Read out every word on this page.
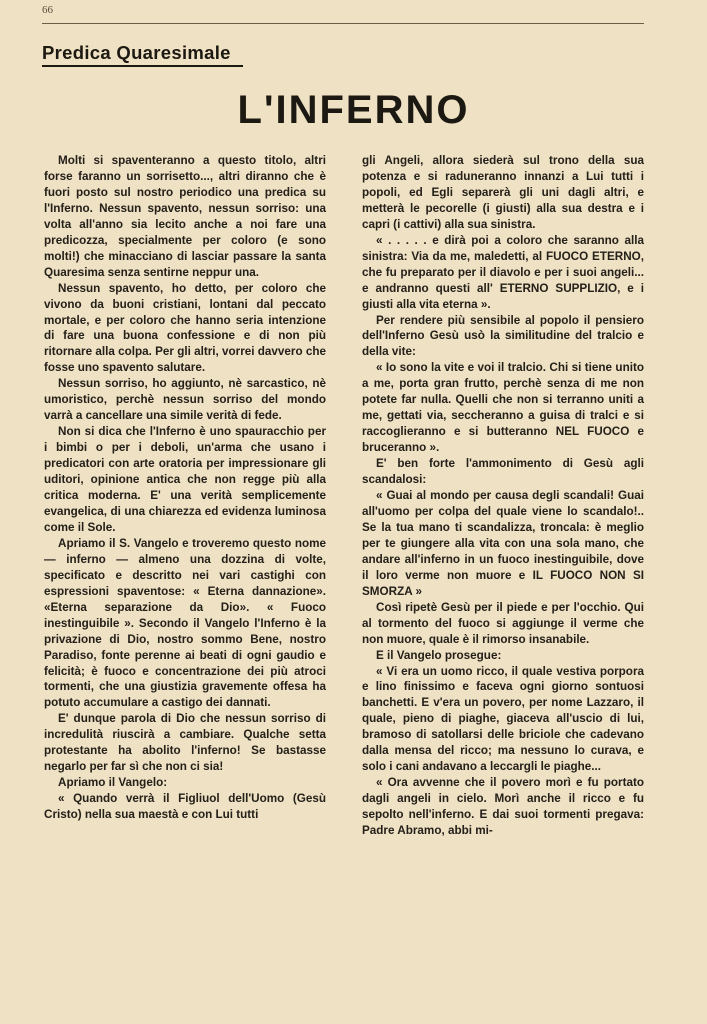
66
Predica Quaresimale
L'INFERNO

Molti si spaventeranno a questo titolo, altri forse faranno un sorrisetto..., altri diranno che è fuori posto sul nostro periodico una predica su l'Inferno. Nessun spavento, nessun sorriso: una volta all'anno sia lecito anche a noi fare una predicozza, specialmente per coloro (e sono molti!) che minacciano di lasciar passare la santa Quaresima senza sentirne neppur una.

Nessun spavento, ho detto, per coloro che vivono da buoni cristiani, lontani dal peccato mortale, e per coloro che hanno seria intenzione di fare una buona confessione e di non più ritornare alla colpa. Per gli altri, vorrei davvero che fosse uno spavento salutare.

Nessun sorriso, ho aggiunto, nè sarcastico, nè umoristico, perchè nessun sorriso del mondo varrà a cancellare una simile verità di fede.

Non si dica che l'Inferno è uno spauracchio per i bimbi o per i deboli, un'arma che usano i predicatori con arte oratoria per impressionare gli uditori, opinione antica che non regge più alla critica moderna. E' una verità semplicemente evangelica, di una chiarezza ed evidenza luminosa come il Sole.

Apriamo il S. Vangelo e troveremo questo nome — inferno — almeno una dozzina di volte, specificato e descritto nei vari castighi con espressioni spaventose: « Eterna dannazione». «Eterna separazione da Dio». « Fuoco inestinguibile ». Secondo il Vangelo l'Inferno è la privazione di Dio, nostro sommo Bene, nostro Paradiso, fonte perenne ai beati di ogni gaudio e felicità; è fuoco e concentrazione dei più atroci tormenti, che una giustizia gravemente offesa ha potuto accumulare a castigo dei dannati.

E' dunque parola di Dio che nessun sorriso di incredulità riuscirà a cambiare. Qualche setta protestante ha abolito l'inferno! Se bastasse negarlo per far sì che non ci sia!

Apriamo il Vangelo:

« Quando verrà il Figliuol dell'Uomo (Gesù Cristo) nella sua maestà e con Lui tutti

gli Angeli, allora siederà sul trono della sua potenza e si raduneranno innanzi a Lui tutti i popoli, ed Egli separerà gli uni dagli altri, e metterà le pecorelle (i giusti) alla sua destra e i capri (i cattivi) alla sua sinistra.

« . . . . . e dirà poi a coloro che saranno alla sinistra: Via da me, maledetti, al FUOCO ETERNO, che fu preparato per il diavolo e per i suoi angeli... e andranno questi all' ETERNO SUPPLIZIO, e i giusti alla vita eterna ».

Per rendere più sensibile al popolo il pensiero dell'Inferno Gesù usò la similitudine del tralcio e della vite:

« Io sono la vite e voi il tralcio. Chi si tiene unito a me, porta gran frutto, perchè senza di me non potete far nulla. Quelli che non si terranno uniti a me, gettati via, seccheranno a guisa di tralci e si raccoglieranno e si butteranno NEL FUOCO e bruceranno ».

E' ben forte l'ammonimento di Gesù agli scandalosi:

« Guai al mondo per causa degli scandali! Guai all'uomo per colpa del quale viene lo scandalo!.. Se la tua mano ti scandalizza, troncala: è meglio per te giungere alla vita con una sola mano, che andare all'inferno in un fuoco inestinguibile, dove il loro verme non muore e IL FUOCO NON SI SMORZA »

Così ripetè Gesù per il piede e per l'occhio. Qui al tormento del fuoco si aggiunge il verme che non muore, quale è il rimorso insanabile.

E il Vangelo prosegue:

« Vi era un uomo ricco, il quale vestiva porpora e lino finissimo e faceva ogni giorno sontuosi banchetti. E v'era un povero, per nome Lazzaro, il quale, pieno di piaghe, giaceva all'uscio di lui, bramoso di satollarsi delle briciole che cadevano dalla mensa del ricco; ma nessuno lo curava, e solo i cani andavano a leccargli le piaghe...

« Ora avvenne che il povero morì e fu portato dagli angeli in cielo. Morì anche il ricco e fu sepolto nell'inferno. E dai suoi tormenti pregava: Padre Abramo, abbi mi-
